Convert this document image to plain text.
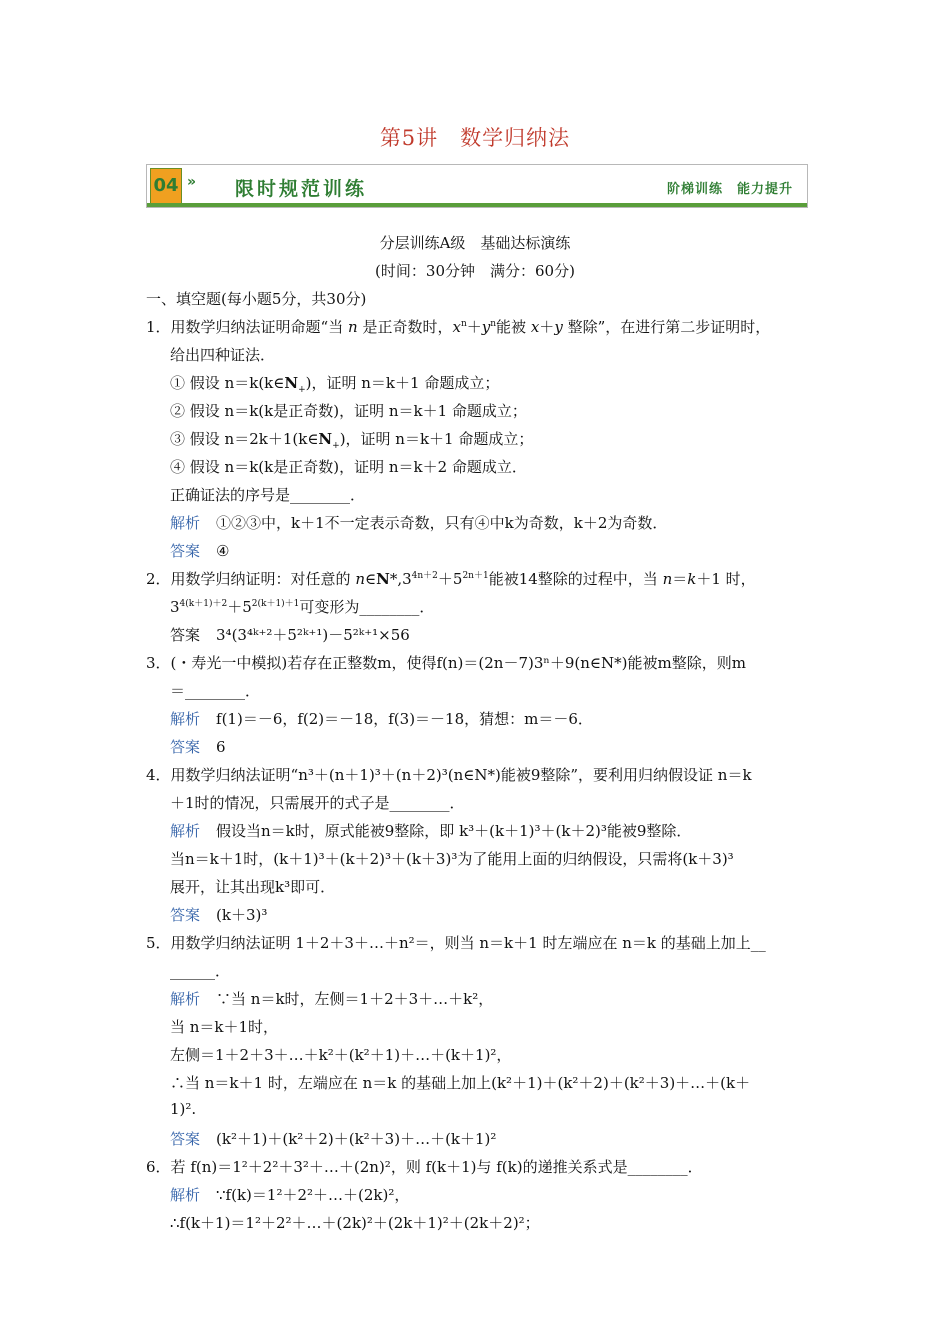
第5讲　数学归纳法
04 » 限时规范训练	阶梯训练　能力提升
分层训练A级　基础达标演练
(时间：30分钟　满分：60分)
一、填空题(每小题5分，共30分)
1．用数学归纳法证明命题“当 n 是正奇数时，$x^n+y^n$能被 x＋y 整除”，在进行第二步证明时，
给出四种证法．
① 假设 $n=k(k\in N_+)$，证明 n＝k＋1 命题成立；
② 假设 n＝k(k是正奇数)，证明 n＝k＋1 命题成立；
③ 假设 $n=2k+1(k\in N_+)$，证明 n＝k＋1 命题成立；
④ 假设 n＝k(k是正奇数)，证明 n＝k＋2 命题成立．
正确证法的序号是________．
解析 ①②③中，k＋1不一定表示奇数，只有④中k为奇数，k＋2为奇数．
答案 ④
2．用数学归纳证明：对任意的 $n\in N*,3^{4n+2}+5^{2n+1}$能被14整除的过程中，当 n＝k＋1 时，
$3^{4(k+1)+2}+5^{2(k+1)+1}$可变形为________．
答案 3⁴(3⁴ᵏ⁺²＋5²ᵏ⁺¹)－5²ᵏ⁺¹×56
3．(・寿光一中模拟)若存在正整数m，使得f(n)＝(2n－7)3ⁿ＋9(n∈N*)能被m整除，则m
＝________．
解析 f(1)＝－6，f(2)＝－18，f(3)＝－18，猜想：m＝－6．
答案 6
4．用数学归纳法证明“n³＋(n＋1)³＋(n＋2)³(n∈N*)能被9整除”，要利用归纳假设证 n＝k
＋1时的情况，只需展开的式子是________．
解析 假设当n＝k时，原式能被9整除，即 k³＋(k＋1)³＋(k＋2)³能被9整除．
当n＝k＋1时，(k＋1)³＋(k＋2)³＋(k＋3)³为了能用上面的归纳假设，只需将(k＋3)³
展开，让其出现k³即可．
答案 (k＋3)³
5．用数学归纳法证明 1＋2＋3＋…＋n²＝，则当 n＝k＋1 时左端应在 n＝k 的基础上加上__
______．
解析 ∵当 n＝k时，左侧＝1＋2＋3＋…＋k²，
当 n＝k＋1时，
左侧＝1＋2＋3＋…＋k²＋(k²＋1)＋…＋(k＋1)²，
∴当 n＝k＋1 时，左端应在 n＝k 的基础上加上(k²＋1)＋(k²＋2)＋(k²＋3)＋…＋(k＋
1)².
答案 (k²＋1)＋(k²＋2)＋(k²＋3)＋…＋(k＋1)²
6．若 f(n)＝1²＋2²＋3²＋…＋(2n)²，则 f(k＋1)与 f(k)的递推关系式是________．
解析 ∵f(k)＝1²＋2²＋…＋(2k)²，
∴f(k＋1)＝1²＋2²＋…＋(2k)²＋(2k＋1)²＋(2k＋2)²；
